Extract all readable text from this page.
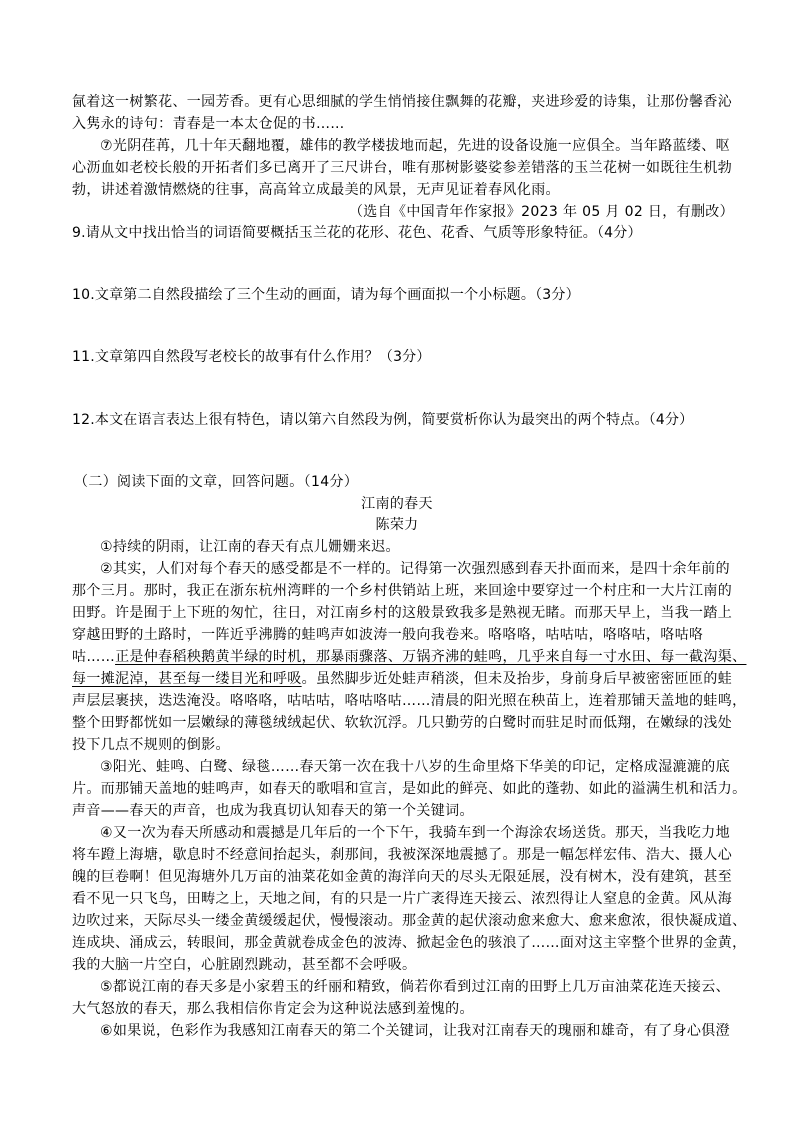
氤着这一树繁花、一园芳香。更有心思细腻的学生悄悄接住飘舞的花瓣，夹进珍爱的诗集，让那份馨香沁
入隽永的诗句：青春是一本太仓促的书……
⑦光阴荏苒，几十年天翻地覆，雄伟的教学楼拔地而起，先进的设备设施一应俱全。当年路蓝缕、呕
心沥血如老校长般的开拓者们多已离开了三尺讲台，唯有那树影婆娑参差错落的玉兰花树一如既往生机勃
勃，讲述着激情燃烧的往事，高高耸立成最美的风景，无声见证着春风化雨。
（选自《中国青年作家报》2023 年 05 月 02 日，有删改）
9.请从文中找出恰当的词语简要概括玉兰花的花形、花色、花香、气质等形象特征。（4分）
10.文章第二自然段描绘了三个生动的画面，请为每个画面拟一个小标题。（3分）
11.文章第四自然段写老校长的故事有什么作用？（3分）
12.本文在语言表达上很有特色，请以第六自然段为例，简要赏析你认为最突出的两个特点。（4分）
（二）阅读下面的文章，回答问题。（14分）
江南的春天
陈荣力
①持续的阴雨，让江南的春天有点儿姗姗来迟。
②其实，人们对每个春天的感受都是不一样的。记得第一次强烈感到春天扑面而来，是四十余年前的
那个三月。那时，我正在浙东杭州湾畔的一个乡村供销站上班，来回途中要穿过一个村庄和一大片江南的
田野。许是囿于上下班的匆忙，往日，对江南乡村的这般景致我多是熟视无睹。而那天早上，当我一踏上
穿越田野的土路时，一阵近乎沸腾的蛙鸣声如波涛一般向我卷来。咯咯咯，咕咕咕，咯咯咕，咯咕咯
咕……正是仲春稻秧鹅黄半绿的时机，那暴雨骤落、万锅齐沸的蛙鸣，几乎来自每一寸水田、每一截沟渠、
每一摊泥淖，甚至每一缕目光和呼吸。虽然脚步近处蛙声稍淡，但未及抬步，身前身后早被密密匝匝的蛙
声层层裹挟，迭迭淹没。咯咯咯，咕咕咕，咯咕咯咕……清晨的阳光照在秧苗上，连着那铺天盖地的蛙鸣，
整个田野都恍如一层嫩绿的薄毯绒绒起伏、软软沉浮。几只勤劳的白鹭时而驻足时而低翔，在嫩绿的浅处
投下几点不规则的倒影。
③阳光、蛙鸣、白鹭、绿毯……春天第一次在我十八岁的生命里烙下华美的印记，定格成湿漉漉的底
片。而那铺天盖地的蛙鸣声，如春天的歌唱和宣言，是如此的鲜亮、如此的蓬勃、如此的溢满生机和活力。
声音——春天的声音，也成为我真切认知春天的第一个关键词。
④又一次为春天所感动和震撼是几年后的一个下午，我骑车到一个海涂农场送货。那天，当我吃力地
将车蹬上海塘，歇息时不经意间抬起头，刹那间，我被深深地震撼了。那是一幅怎样宏伟、浩大、摄人心
魄的巨卷啊！但见海塘外几万亩的油菜花如金黄的海洋向天的尽头无限延展，没有树木，没有建筑，甚至
看不见一只飞鸟，田畴之上，天地之间，有的只是一片广袤得连天接云、浓烈得让人窒息的金黄。风从海
边吹过来，天际尽头一缕金黄缓缓起伏，慢慢滚动。那金黄的起伏滚动愈来愈大、愈来愈浓，很快凝成道、
连成块、涌成云，转眼间，那金黄就卷成金色的波涛、掀起金色的骇浪了……面对这主宰整个世界的金黄，
我的大脑一片空白，心脏剧烈跳动，甚至都不会呼吸。
⑤都说江南的春天多是小家碧玉的纤丽和精致，倘若你看到过江南的田野上几万亩油菜花连天接云、
大气怒放的春天，那么我相信你肯定会为这种说法感到羞愧的。
⑥如果说，色彩作为我感知江南春天的第二个关键词，让我对江南春天的瑰丽和雄奇，有了身心俱澄
